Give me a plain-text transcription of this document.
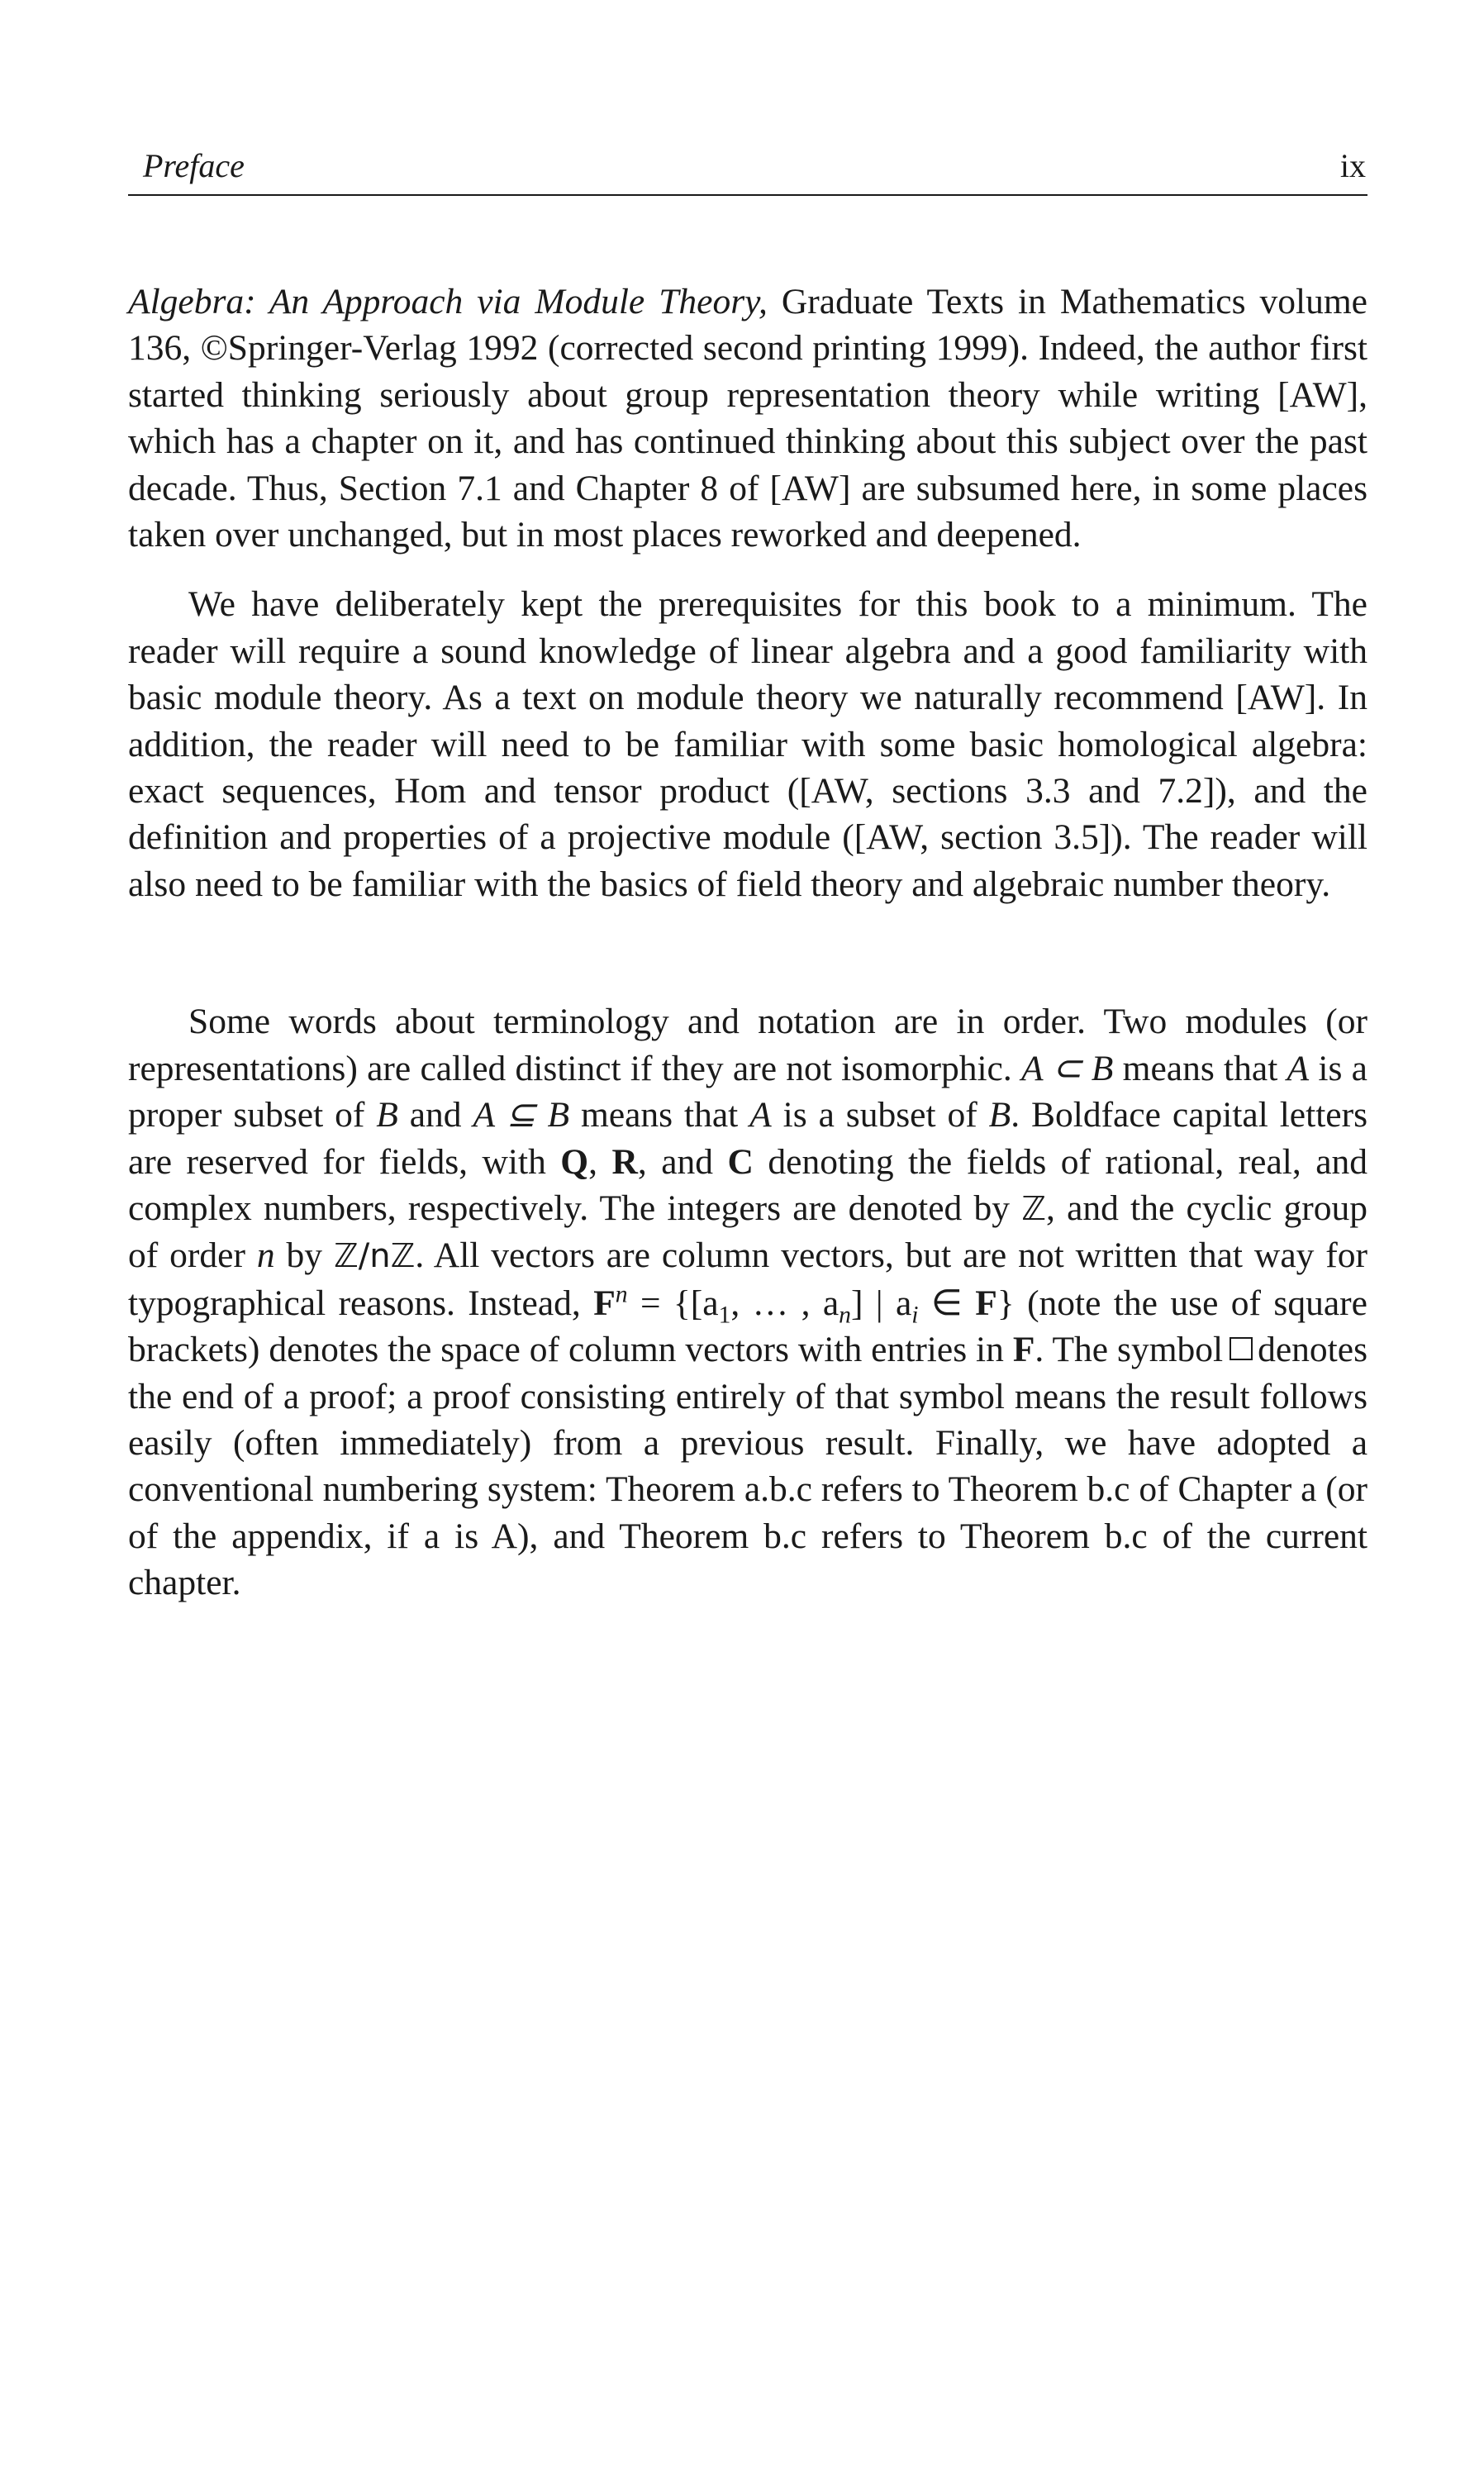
Preface	ix

Algebra: An Approach via Module Theory, Graduate Texts in Mathematics volume 136, ©Springer-Verlag 1992 (corrected second printing 1999). Indeed, the author first started thinking seriously about group representation theory while writing [AW], which has a chapter on it, and has continued thinking about this subject over the past decade. Thus, Section 7.1 and Chapter 8 of [AW] are subsumed here, in some places taken over unchanged, but in most places reworked and deepened.

We have deliberately kept the prerequisites for this book to a minimum. The reader will require a sound knowledge of linear algebra and a good familiarity with basic module theory. As a text on module theory we naturally recommend [AW]. In addition, the reader will need to be familiar with some basic homological algebra: exact sequences, Hom and tensor product ([AW, sections 3.3 and 7.2]), and the definition and properties of a projective module ([AW, section 3.5]). The reader will also need to be familiar with the basics of field theory and algebraic number theory.

Some words about terminology and notation are in order. Two modules (or representations) are called distinct if they are not isomorphic. A ⊂ B means that A is a proper subset of B and A ⊆ B means that A is a subset of B. Boldface capital letters are reserved for fields, with Q, R, and C denoting the fields of rational, real, and complex numbers, respectively. The integers are denoted by ℤ, and the cyclic group of order n by ℤ/nℤ. All vectors are column vectors, but are not written that way for typographical reasons. Instead, $F^n = \{[a_1$, … , $a_n$] | $a_i$ ∈ F} (note the use of square brackets) denotes the space of column vectors with entries in F. The symbol denotes the end of a proof; a proof consisting entirely of that symbol means the result follows easily (often immediately) from a previous result. Finally, we have adopted a conventional numbering system: Theorem a.b.c refers to Theorem b.c of Chapter a (or of the appendix, if a is A), and Theorem b.c refers to Theorem b.c of the current chapter.
